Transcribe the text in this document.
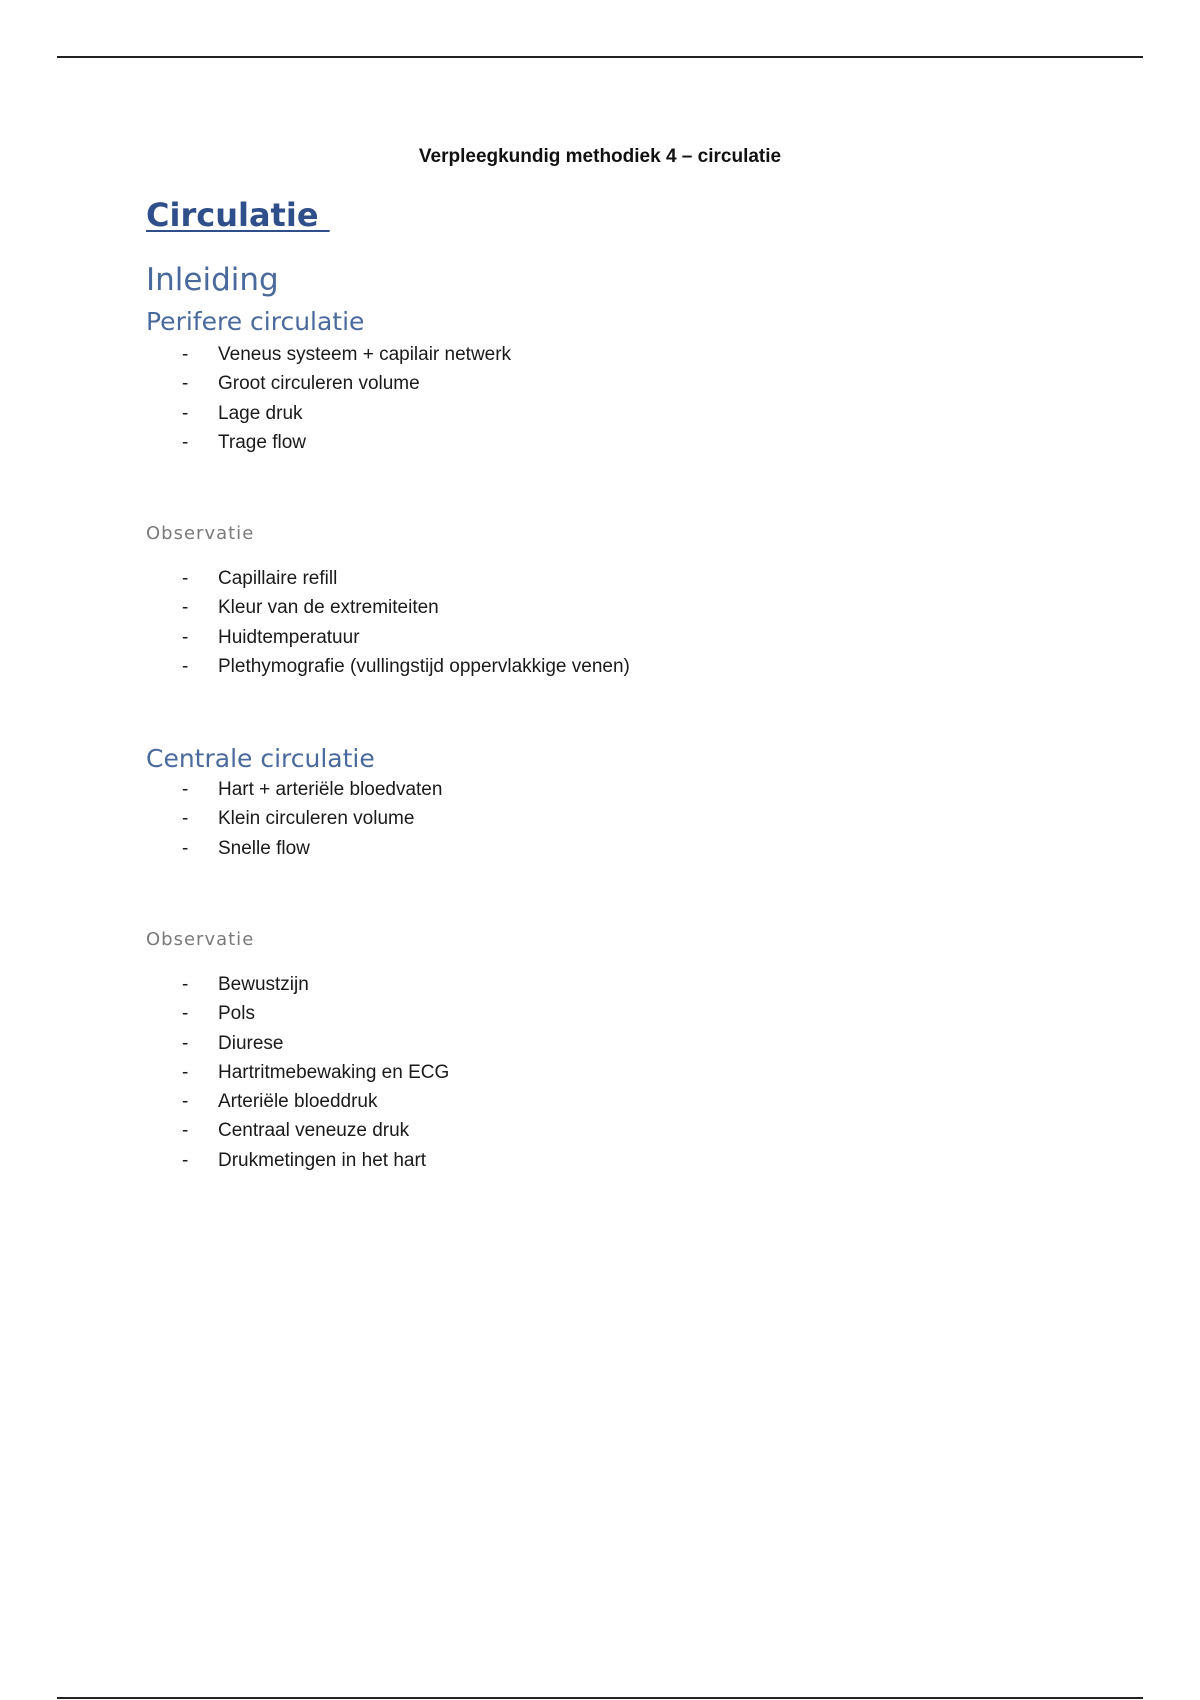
Verpleegkundig methodiek 4 – circulatie
Circulatie
Inleiding
Perifere circulatie
- Veneus systeem + capilair netwerk
- Groot circuleren volume
- Lage druk
- Trage flow
Observatie
- Capillaire refill
- Kleur van de extremiteiten
- Huidtemperatuur
- Plethymografie (vullingstijd oppervlakkige venen)
Centrale circulatie
- Hart + arteriële bloedvaten
- Klein circuleren volume
- Snelle flow
Observatie
- Bewustzijn
- Pols
- Diurese
- Hartritmebewaking en ECG
- Arteriële bloeddruk
- Centraal veneuze druk
- Drukmetingen in het hart
